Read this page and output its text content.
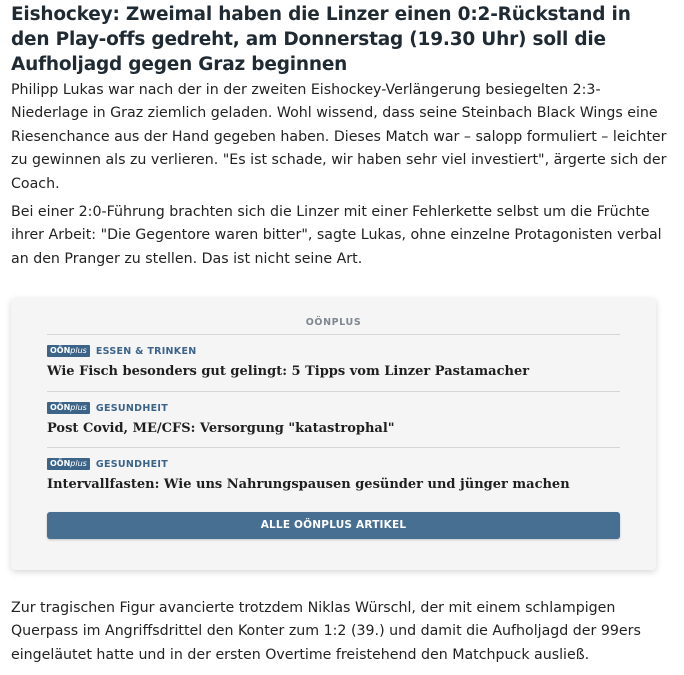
Eishockey: Zweimal haben die Linzer einen 0:2-Rückstand in den Play-offs gedreht, am Donnerstag (19.30 Uhr) soll die Aufholjagd gegen Graz beginnen

Philipp Lukas war nach der in der zweiten Eishockey-Verlängerung besiegelten 2:3-Niederlage in Graz ziemlich geladen. Wohl wissend, dass seine Steinbach Black Wings eine Riesenchance aus der Hand gegeben haben. Dieses Match war – salopp formuliert – leichter zu gewinnen als zu verlieren. "Es ist schade, wir haben sehr viel investiert", ärgerte sich der Coach.

Bei einer 2:0-Führung brachten sich die Linzer mit einer Fehlerkette selbst um die Früchte ihrer Arbeit: "Die Gegentore waren bitter", sagte Lukas, ohne einzelne Protagonisten verbal an den Pranger zu stellen. Das ist nicht seine Art.

OÖNPLUS
OÖNplus ESSEN & TRINKEN
Wie Fisch besonders gut gelingt: 5 Tipps vom Linzer Pastamacher
OÖNplus GESUNDHEIT
Post Covid, ME/CFS: Versorgung "katastrophal"
OÖNplus GESUNDHEIT
Intervallfasten: Wie uns Nahrungspausen gesünder und jünger machen
ALLE OÖNPLUS ARTIKEL

Zur tragischen Figur avancierte trotzdem Niklas Würschl, der mit einem schlampigen Querpass im Angriffsdrittel den Konter zum 1:2 (39.) und damit die Aufholjagd der 99ers eingeläutet hatte und in der ersten Overtime freistehend den Matchpuck ausließ.
